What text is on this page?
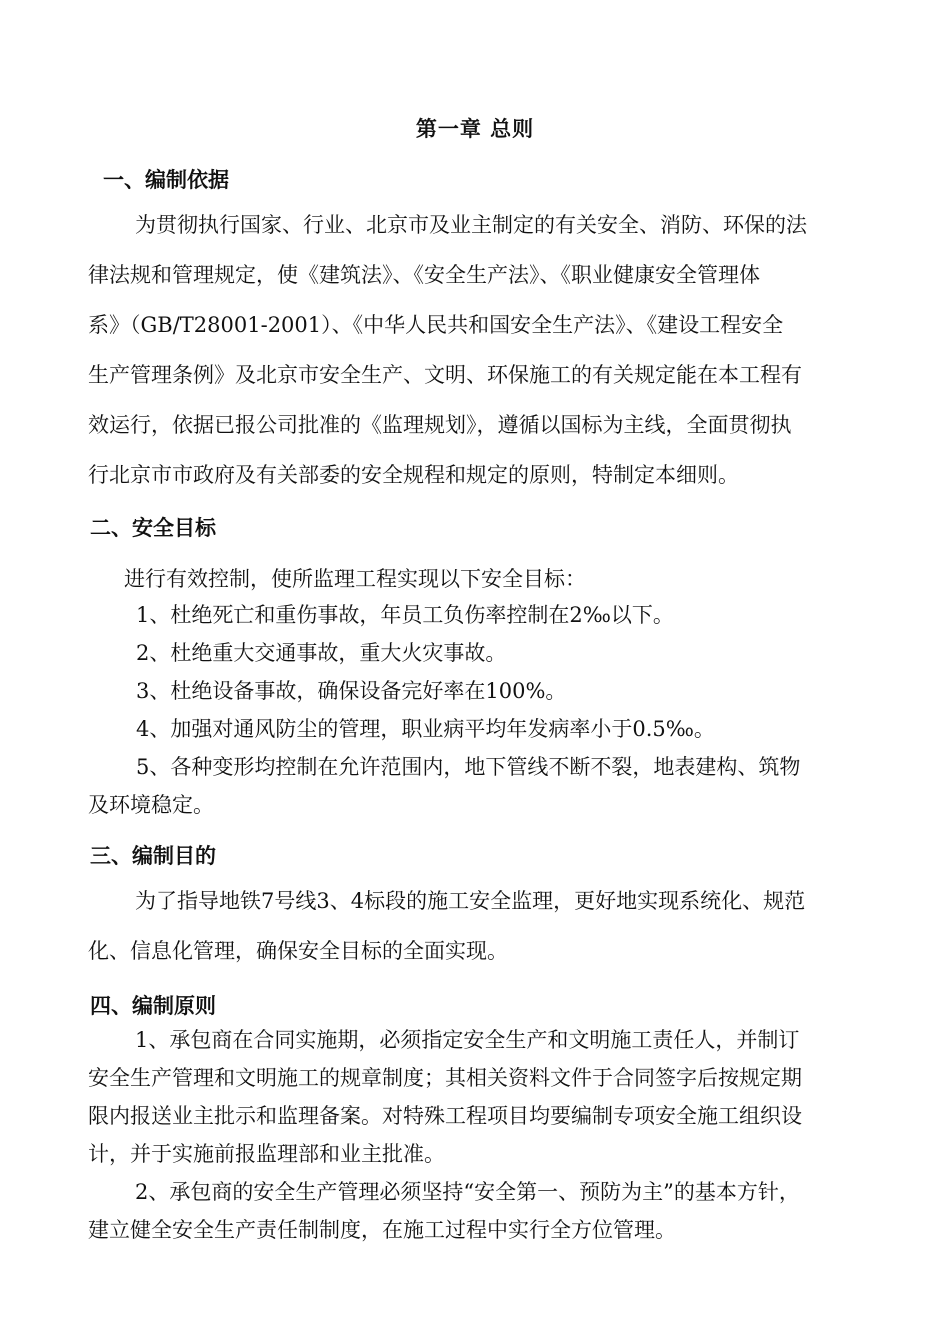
第一章 总则
一、编制依据
为贯彻执行国家、行业、北京市及业主制定的有关安全、消防、环保的法
律法规和管理规定，使《建筑法》、《安全生产法》、《职业健康安全管理体
系》（GB/T28001-2001）、《中华人民共和国安全生产法》、《建设工程安全
生产管理条例》及北京市安全生产、文明、环保施工的有关规定能在本工程有
效运行，依据已报公司批准的《监理规划》，遵循以国标为主线，全面贯彻执
行北京市市政府及有关部委的安全规程和规定的原则，特制定本细则。
二、安全目标
进行有效控制，使所监理工程实现以下安全目标：
1、杜绝死亡和重伤事故，年员工负伤率控制在2‰以下。
2、杜绝重大交通事故，重大火灾事故。
3、杜绝设备事故，确保设备完好率在100%。
4、加强对通风防尘的管理，职业病平均年发病率小于0.5‰。
5、各种变形均控制在允许范围内，地下管线不断不裂，地表建构、筑物
及环境稳定。
三、编制目的
为了指导地铁7号线3、4标段的施工安全监理，更好地实现系统化、规范
化、信息化管理，确保安全目标的全面实现。
四、编制原则
1、承包商在合同实施期，必须指定安全生产和文明施工责任人，并制订
安全生产管理和文明施工的规章制度；其相关资料文件于合同签字后按规定期
限内报送业主批示和监理备案。对特殊工程项目均要编制专项安全施工组织设
计，并于实施前报监理部和业主批准。
2、承包商的安全生产管理必须坚持“安全第一、预防为主”的基本方针，
建立健全安全生产责任制制度，在施工过程中实行全方位管理。
